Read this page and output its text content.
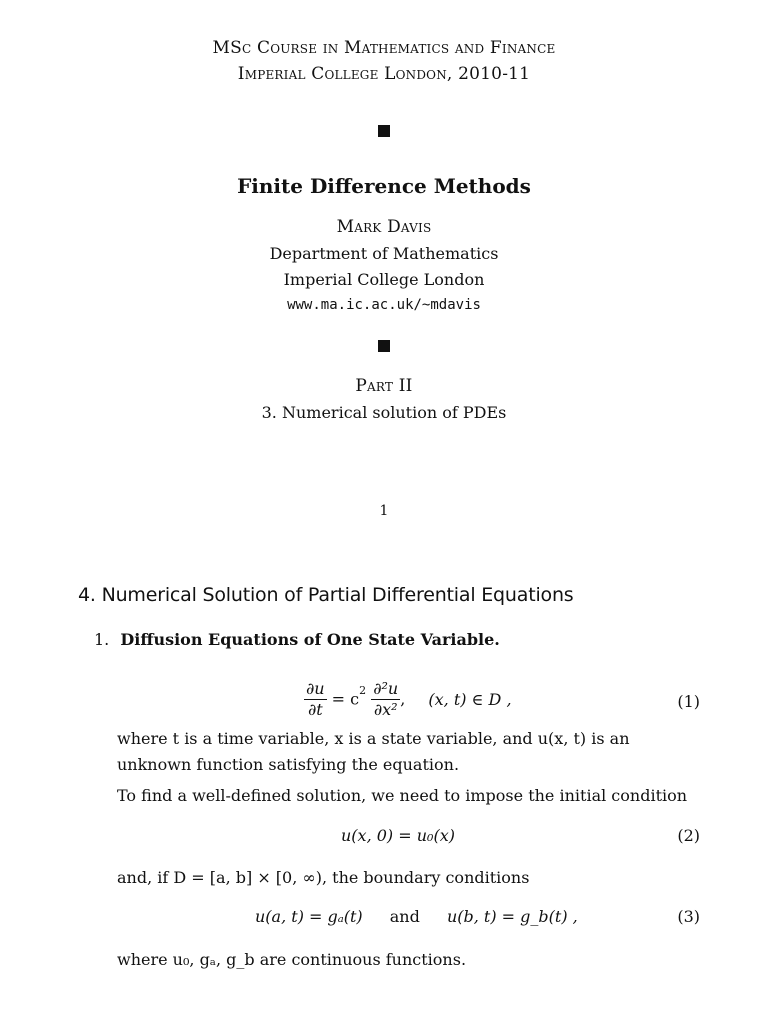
MSc Course in Mathematics and Finance
Imperial College London, 2010-11
Finite Difference Methods
Mark Davis
Department of Mathematics
Imperial College London
www.ma.ic.ac.uk/~mdavis
Part II
3. Numerical solution of PDEs
1
4. Numerical Solution of Partial Differential Equations
1. Diffusion Equations of One State Variable.
$\frac{\partial u}{\partial t} = c^2 \frac{\text{∂²u}}{\text{∂x²}}$ , (x, t) ∈ D ,	(1)
where t is a time variable, x is a state variable, and u(x, t) is an unknown function satisfying the equation.
To find a well-defined solution, we need to impose the initial condition
u(x, 0) = u₀(x)	(2)
and, if D = [a, b] × [0, ∞), the boundary conditions
u(a, t) = gₐ(t) and u(b, t) = g_b(t) ,	(3)
where u₀, gₐ, g_b are continuous functions.
